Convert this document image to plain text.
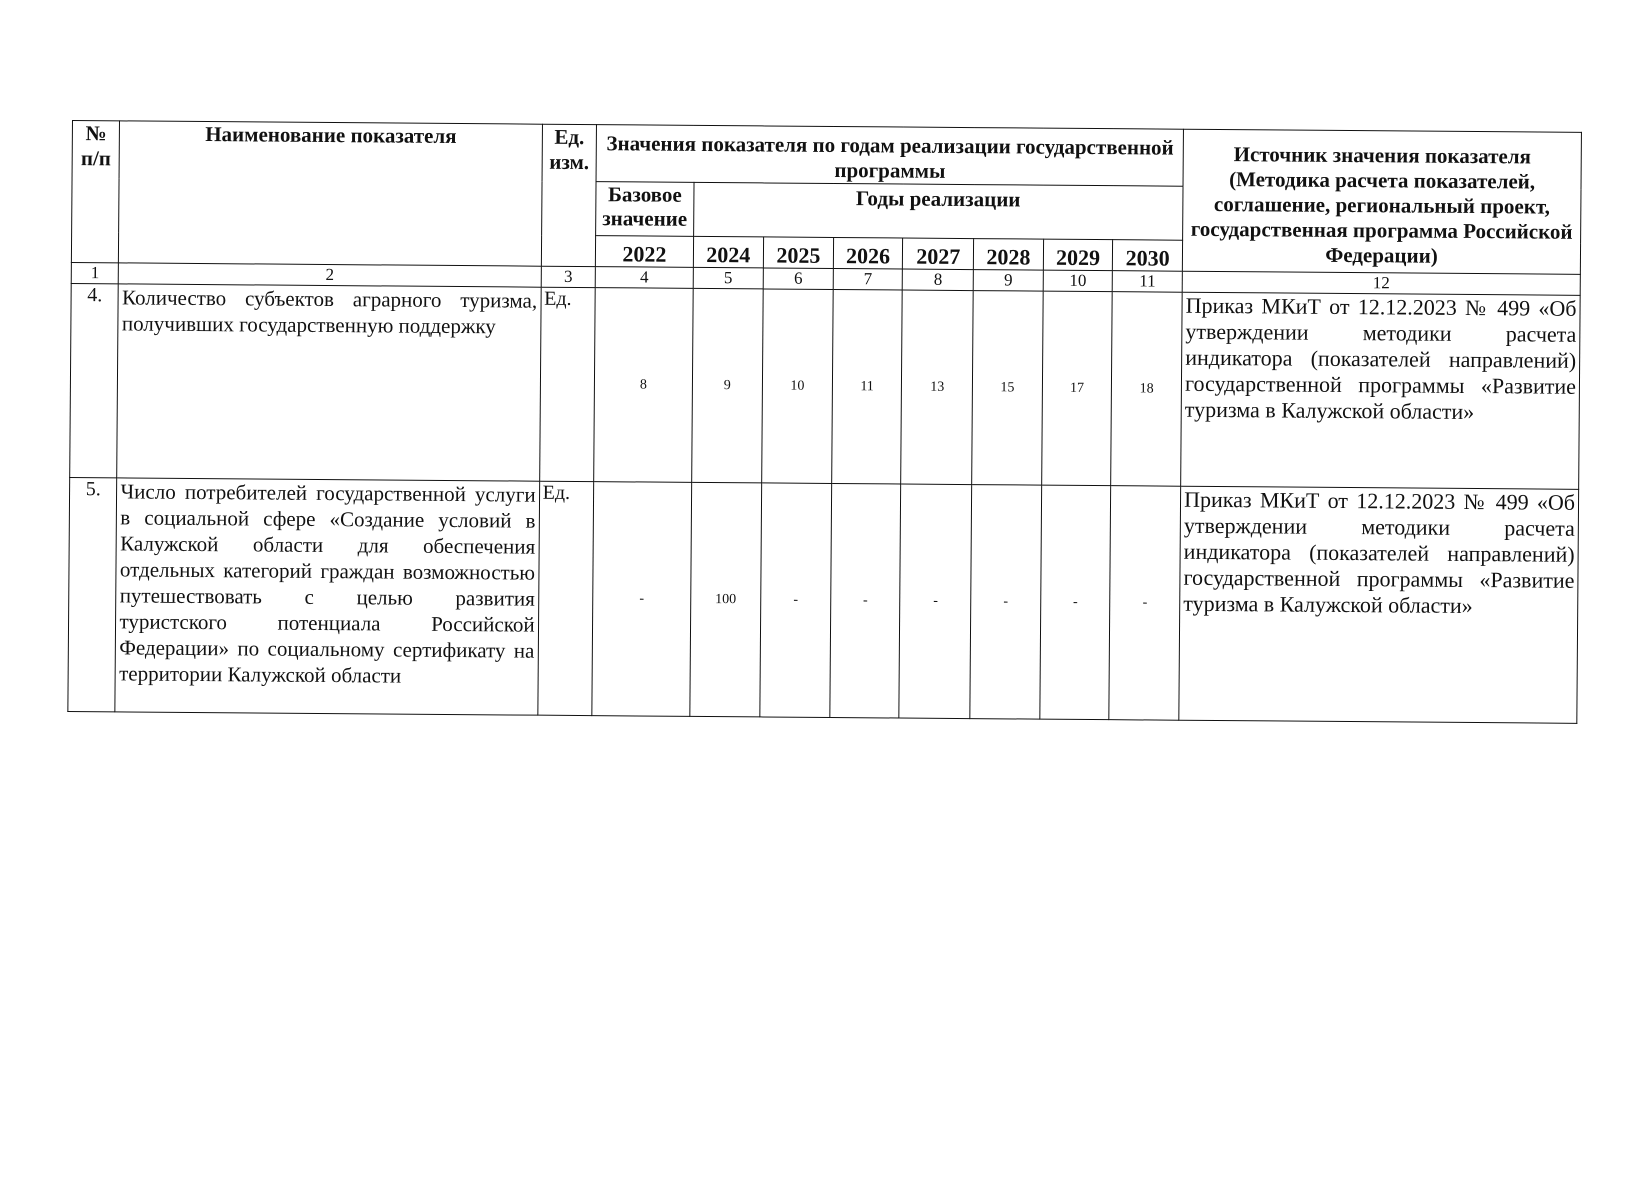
№ п/п	Наименование показателя	Ед. изм.	Значения показателя по годам реализации государственной программы								Источник значения показателя (Методика расчета показателей, соглашение, региональный проект, государственная программа Российской Федерации)
			Базовое значение	Годы реализации							
			2022	2024	2025	2026	2027	2028	2029	2030	
1	2	3	4	5	6	7	8	9	10	11	12
4.	Количество субъектов аграрного туризма, получивших государственную поддержку	Ед.	8	9	10	11	13	15	17	18	Приказ МКиТ от 12.12.2023 № 499 «Об утверждении методики расчета индикатора (показателей направлений) государственной программы «Развитие туризма в Калужской области»
5.	Число потребителей государственной услуги в социальной сфере «Создание условий в Калужской области для обеспечения отдельных категорий граждан возможностью путешествовать с целью развития туристского потенциала Российской Федерации» по социальному сертификату на территории Калужской области	Ед.	-	100	-	-	-	-	-	-	Приказ МКиТ от 12.12.2023 № 499 «Об утверждении методики расчета индикатора (показателей направлений) государственной программы «Развитие туризма в Калужской области»
